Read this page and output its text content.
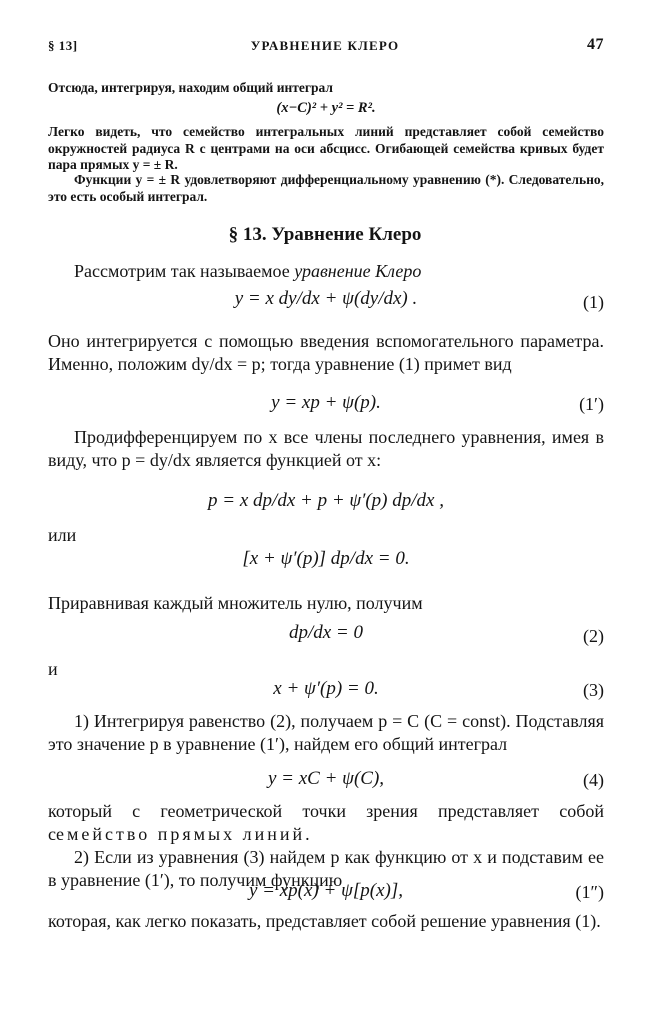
§ 13]	УРАВНЕНИЕ КЛЕРО	47
Отсюда, интегрируя, находим общий интеграл
(x−C)² + y² = R².
Легко видеть, что семейство интегральных линий представляет собой семейство окружностей радиуса R с центрами на оси абсцисс. Огибающей семейства кривых будет пара прямых y = ± R.
Функции y = ± R удовлетворяют дифференциальному уравнению (*). Следовательно, это есть особый интеграл.
§ 13. Уравнение Клеро
Рассмотрим так называемое уравнение Клеро
y = x dy/dx + ψ(dy/dx) .	(1)
Оно интегрируется с помощью введения вспомогательного параметра. Именно, положим dy/dx = p; тогда уравнение (1) примет вид
y = xp + ψ(p).	(1′)
Продифференцируем по x все члены последнего уравнения, имея в виду, что p = dy/dx является функцией от x:
p = x dp/dx + p + ψ′(p) dp/dx ,
или
[x + ψ′(p)] dp/dx = 0.
Приравнивая каждый множитель нулю, получим
dp/dx = 0	(2)
и
x + ψ′(p) = 0.	(3)
1) Интегрируя равенство (2), получаем p = C (C = const). Подставляя это значение p в уравнение (1′), найдем его общий интеграл
y = xC + ψ(C),	(4)
который с геометрической точки зрения представляет собой семейство прямых линий.
2) Если из уравнения (3) найдем p как функцию от x и подставим ее в уравнение (1′), то получим функцию
y = xp(x) + ψ[p(x)],	(1″)
которая, как легко показать, представляет собой решение уравнения (1).
